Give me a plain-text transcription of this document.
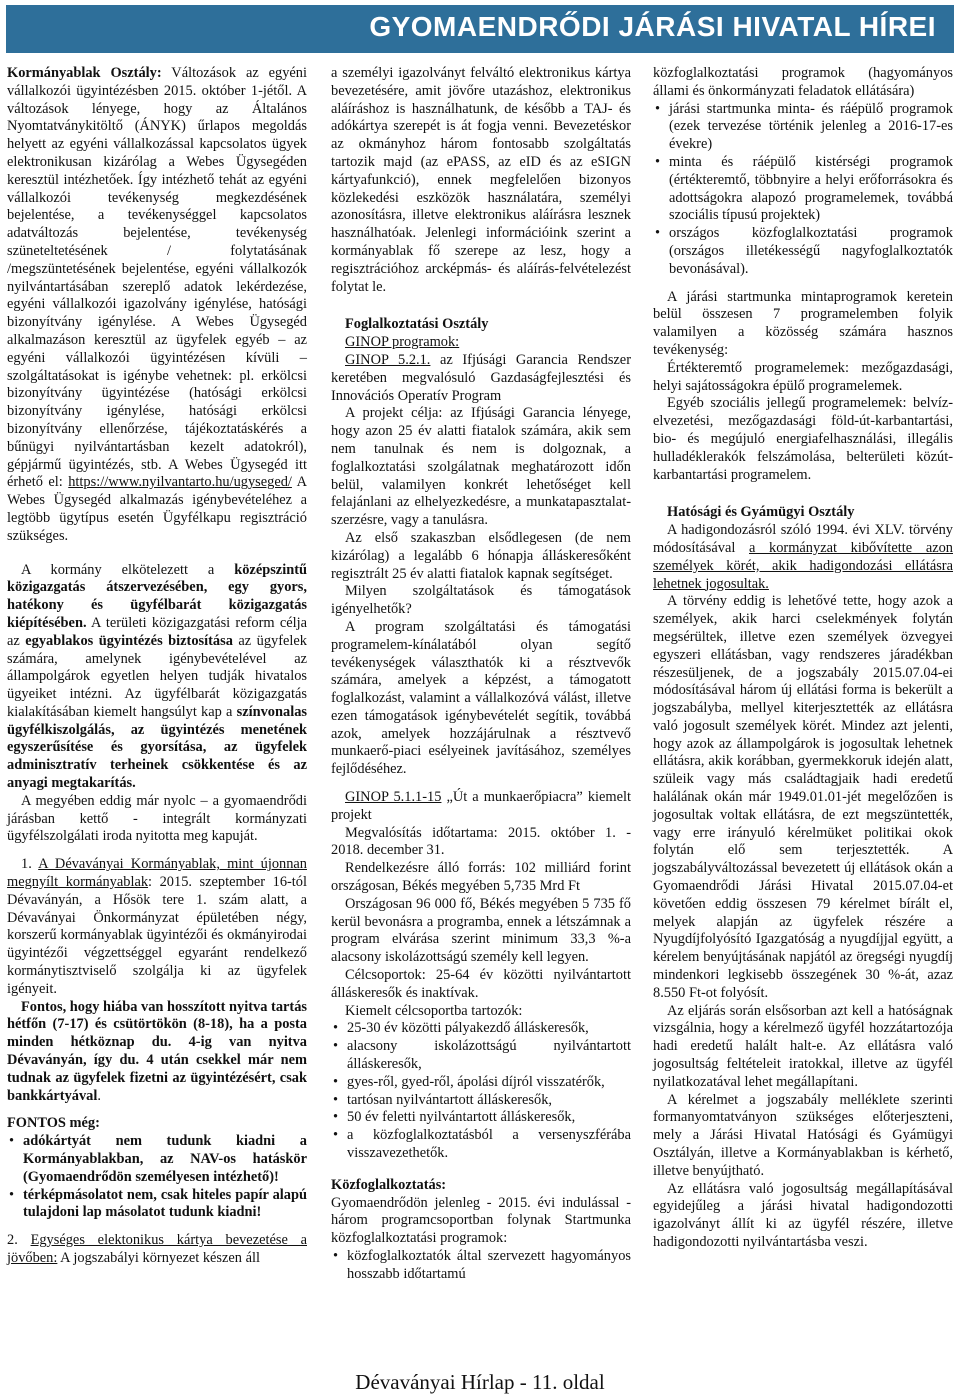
GYOMAENDRŐDI JÁRÁSI HIVATAL HÍREI

Kormányablak Osztály: Változások az egyéni vállalkozói ügyintézésben 2015. október 1-jétől. A változások lényege, hogy az Általános Nyomtatványkitöltő (ÁNYK) űrlapos megoldás helyett az egyéni vállalkozással kapcsolatos ügyek elektronikusan kizárólag a Webes Ügysegéden keresztül intézhetőek. Így intézhető tehát az egyéni vállalkozói tevékenység megkezdésének bejelentése, a tevékenységgel kapcsolatos adatváltozás bejelentése, tevékenység szüneteltetésének / folytatásának /megszüntetésének bejelentése, egyéni vállalkozók nyilvántartásában szereplő adatok lekérdezése, egyéni vállalkozói igazolvány igénylése, hatósági bizonyítvány igénylése. A Webes Ügysegéd alkalmazáson keresztül az ügyfelek egyéb – az egyéni vállalkozói ügyintézésen kívüli – szolgáltatásokat is igénybe vehetnek: pl. erkölcsi bizonyítvány ügyintézése (hatósági erkölcsi bizonyítvány igénylése, hatósági erkölcsi bizonyítvány ellenőrzése, tájékoztatáskérés a bűnügyi nyilvántartásban kezelt adatokról), gépjármű ügyintézés, stb. A Webes Ügysegéd itt érhető el: https://www.nyilvantarto.hu/ugyseged/ A Webes Ügysegéd alkalmazás igénybevételéhez a legtöbb ügytípus esetén Ügyfélkapu regisztráció szükséges.

A kormány elkötelezett a középszintű közigazgatás átszervezésében, egy gyors, hatékony és ügyfélbarát közigazgatás kiépítésében. A területi közigazgatási reform célja az egyablakos ügyintézés biztosítása az ügyfelek számára, amelynek igénybevételével az állampolgárok egyetlen helyen tudják hivatalos ügyeiket intézni. Az ügyfélbarát közigazgatás kialakításában kiemelt hangsúlyt kap a színvonalas ügyfélkiszolgálás, az ügyintézés menetének egyszerűsítése és gyorsítása, az ügyfelek adminisztratív terheinek csökkentése és az anyagi megtakarítás.

A megyében eddig már nyolc – a gyomaendrődi járásban kettő - integrált kormányzati ügyfélszolgálati iroda nyitotta meg kapuját.

1. A Dévaványai Kormányablak, mint újonnan megnyílt kormányablak: 2015. szeptember 16-tól Dévaványán, a Hősök tere 1. szám alatt, a Dévaványai Önkormányzat épületében négy, korszerű kormányablak ügyintézői és okmányirodai ügyintézői végzettséggel egyaránt rendelkező kormánytisztviselő szolgálja ki az ügyfelek igényeit.

Fontos, hogy hiába van hosszított nyitva tartás hétfőn (7-17) és csütörtökön (8-18), ha a posta minden hétköznap du. 4-ig van nyitva Dévaványán, így du. 4 után csekkel már nem tudnak az ügyfelek fizetni az ügyintézésért, csak bankkártyával.

FONTOS még:

• adókártyát nem tudunk kiadni a Kormányablakban, az NAV-os hatáskör (Gyomaendrődön személyesen intézhető)!
• térképmásolatot nem, csak hiteles papír alapú tulajdoni lap másolatot tudunk kiadni!

2. Egységes elektonikus kártya bevezetése a jövőben: A jogszabályi környezet készen áll

a személyi igazolványt felváltó elektronikus kártya bevezetésére, amit jövőre utazáshoz, elektronikus aláíráshoz is használhatunk, de később a TAJ- és adókártya szerepét is át fogja venni. Bevezetéskor az okmányhoz három fontosabb szolgáltatás tartozik majd (az ePASS, az eID és az eSIGN kártyafunkció), ennek megfelelően bizonyos közlekedési eszközök használatára, személyi azonosításra, illetve elektronikus aláírásra lesznek használhatóak. Jelenlegi információink szerint a kormányablak fő szerepe az lesz, hogy a regisztrációhoz arcképmás- és aláírás-felvételezést folytat le.

Foglalkoztatási Osztály

GINOP programok:

GINOP 5.2.1. az Ifjúsági Garancia Rendszer keretében megvalósuló Gazdaságfejlesztési és Innovációs Operatív Program

A projekt célja: az Ifjúsági Garancia lényege, hogy azon 25 év alatti fiatalok számára, akik sem nem tanulnak és nem is dolgoznak, a foglalkoztatási szolgálatnak meghatározott időn belül, valamilyen konkrét lehetőséget kell felajánlani az elhelyezkedésre, a munkatapasztalat-szerzésre, vagy a tanulásra.

Az első szakaszban elsődlegesen (de nem kizárólag) a legalább 6 hónapja álláskeresőként regisztrált 25 év alatti fiatalok kapnak segítséget.

Milyen szolgáltatások és támogatások igényelhetők?

A program szolgáltatási és támogatási programelem-kínálatából olyan segítő tevékenységek választhatók ki a résztvevők számára, amelyek a képzést, a támogatott foglalkozást, valamint a vállalkozóvá válást, illetve ezen támogatások igénybevételét segítik, továbbá azok, amelyek hozzájárulnak a résztvevő munkaerő-piaci esélyeinek javításához, személyes fejlődéséhez.

GINOP 5.1.1-15 „Út a munkaerőpiacra” kiemelt projekt

Megvalósítás időtartama: 2015. október 1. - 2018. december 31.

Rendelkezésre álló forrás: 102 milliárd forint országosan, Békés megyében 5,735 Mrd Ft

Országosan 96 000 fő, Békés megyében 5 735 fő kerül bevonásra a programba, ennek a létszámnak a program elvárása szerint minimum 33,3 %-a alacsony iskolázottságú személy kell legyen.

Célcsoportok: 25-64 év közötti nyilvántartott álláskeresők és inaktívak.

Kiemelt célcsoportba tartozók:

• 25-30 év közötti pályakezdő álláskeresők,
• alacsony iskolázottságú nyilvántartott álláskeresők,
• gyes-ről, gyed-ről, ápolási díjról visszatérők,
• tartósan nyilvántartott álláskeresők,
• 50 év feletti nyilvántartott álláskeresők,
• a közfoglalkoztatásból a versenyszférába visszavezethetők.

Közfoglalkoztatás:

Gyomaendrődön jelenleg - 2015. évi indulással - három programcsoportban folynak Startmunka közfoglalkoztatási programok:

• közfoglalkoztatók által szervezett hagyományos hosszabb időtartamú

közfoglalkoztatási programok (hagyományos állami és önkormányzati feladatok ellátására)

• járási startmunka minta- és ráépülő programok (ezek tervezése történik jelenleg a 2016-17-es évekre)
• minta és ráépülő kistérségi programok (értékteremtő, többnyire a helyi erőforrásokra és adottságokra alapozó programelemek, továbbá szociális típusú projektek)
• országos közfoglalkoztatási programok (országos illetékességű nagyfoglalkoztatók bevonásával).

A járási startmunka mintaprogramok keretein belül összesen 7 programelemben folyik valamilyen a közösség számára hasznos tevékenység:

Értékteremtő programelemek: mezőgazdasági, helyi sajátosságokra épülő programelemek.

Egyéb szociális jellegű programelemek: belvíz-elvezetési, mezőgazdasági föld-út-karbantartási, bio- és megújuló energiafelhasználási, illegális hulladéklerakók felszámolása, belterületi közút-karbantartási programelem.

Hatósági és Gyámügyi Osztály

A hadigondozásról szóló 1994. évi XLV. törvény módosításával a kormányzat kibővítette azon személyek körét, akik hadigondozási ellátásra lehetnek jogosultak.

A törvény eddig is lehetővé tette, hogy azok a személyek, akik harci cselekmények folytán megsérültek, illetve ezen személyek özvegyei egyszeri ellátásban, vagy rendszeres járadékban részesüljenek, de a jogszabály 2015.07.04-ei módosításával három új ellátási forma is bekerült a jogszabályba, mellyel kiterjesztették az ellátásra való jogosult személyek körét. Mindez azt jelenti, hogy azok az állampolgárok is jogosultak lehetnek ellátásra, akik korábban, gyermekkoruk idején alatt, szüleik vagy más családtagjaik hadi eredetű halálának okán már 1949.01.01-jét megelőzően is jogosultak voltak ellátásra, de ezt megszüntették, vagy erre irányuló kérelmüket politikai okok folytán elő sem terjesztették. A jogszabályváltozással bevezetett új ellátások okán a Gyomaendrődi Járási Hivatal 2015.07.04-et követően eddig összesen 79 kérelmet bírált el, melyek alapján az ügyfelek részére a Nyugdíjfolyósító Igazgatóság a nyugdíjjal együtt, a kérelem benyújtásának napjától az öregségi nyugdíj mindenkori legkisebb összegének 30 %-át, azaz 8.550 Ft-ot folyósít.

Az eljárás során elsősorban azt kell a hatóságnak vizsgálnia, hogy a kérelmező ügyfél hozzátartozója hadi eredetű halált halt-e. Az ellátásra való jogosultság feltételeit iratokkal, illetve az ügyfél nyilatkozatával lehet megállapítani.

A kérelmet a jogszabály melléklete szerinti formanyomtatványon szükséges előterjeszteni, mely a Járási Hivatal Hatósági és Gyámügyi Osztályán, illetve a Kormányablakban is kérhető, illetve benyújtható.

Az ellátásra való jogosultság megállapításával egyidejűleg a járási hivatal hadigondozotti igazolványt állít ki az ügyfél részére, illetve hadigondozotti nyilvántartásba veszi.

Dévaványai Hírlap - 11. oldal
